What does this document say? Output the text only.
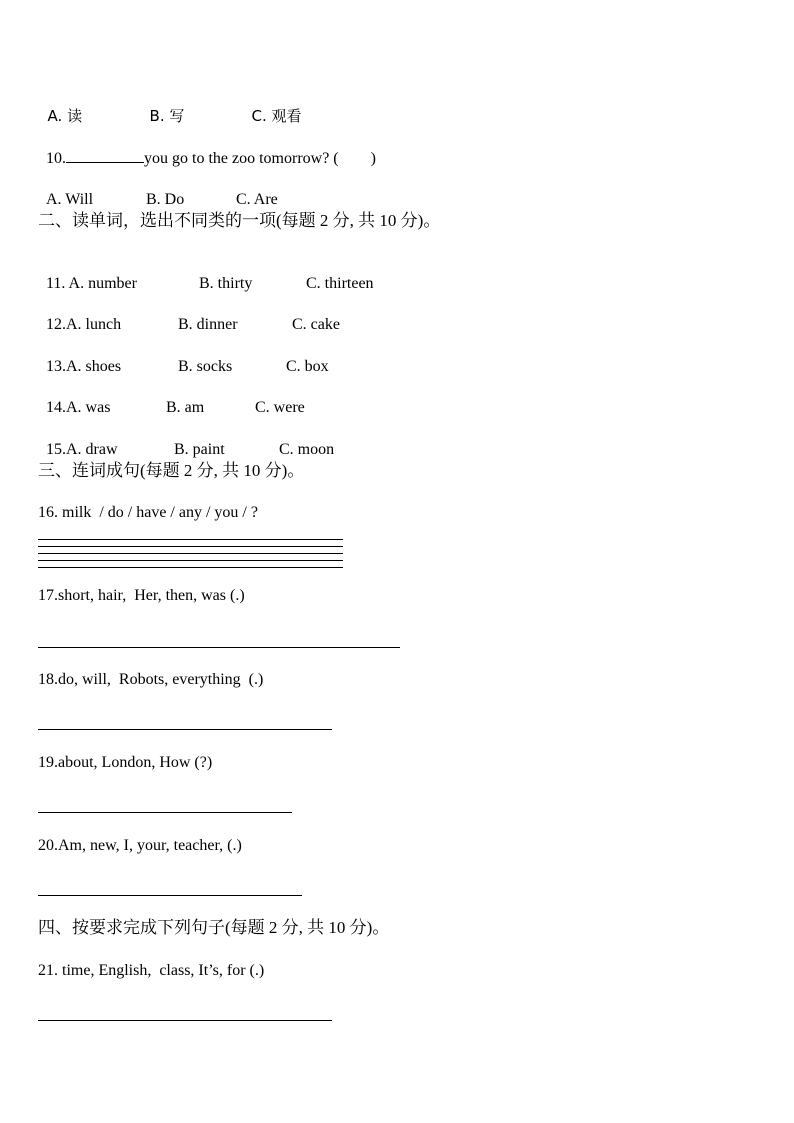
A. 读	B. 写	C. 观看

10.	you go to the zoo tomorrow? ( )

A. Will	B. Do	C. Are

二、读单词，选出不同类的一项(每题 2 分, 共 10 分)。

11. A. number	B. thirty	C. thirteen

12.A. lunch	B. dinner	C. cake

13.A. shoes	B. socks	C. box

14.A. was	B. am	C. were

15.A. draw	B. paint	C. moon

三、连词成句(每题 2 分, 共 10 分)。
16. milk  / do / have / any / you / ?
17.short, hair,  Her, then, was (.)
18.do, will,  Robots, everything  (.)
19.about, London, How (?)
20.Am, new, I, your, teacher, (.)
四、按要求完成下列句子(每题 2 分, 共 10 分)。
21. time, English,  class, It’s, for (.)
